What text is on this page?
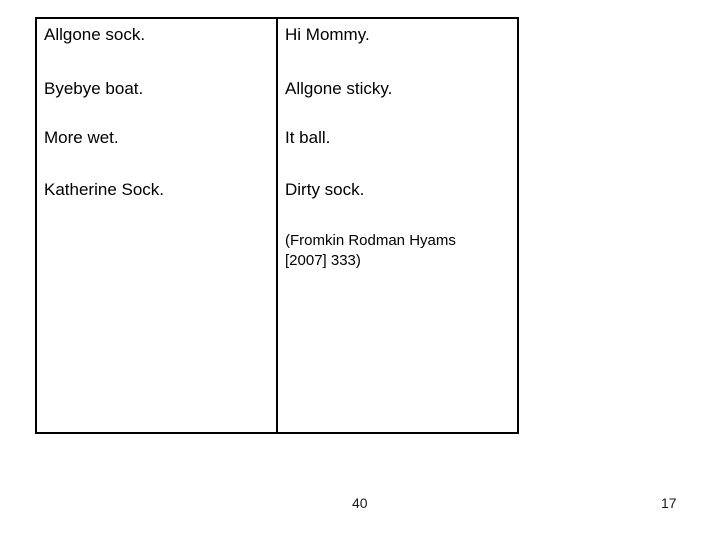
Allgone sock.
Byebye boat.
More wet.
Katherine Sock.
Hi Mommy.
Allgone sticky.
It ball.
Dirty sock.
(Fromkin Rodman Hyams [2007] 333)
40	17
